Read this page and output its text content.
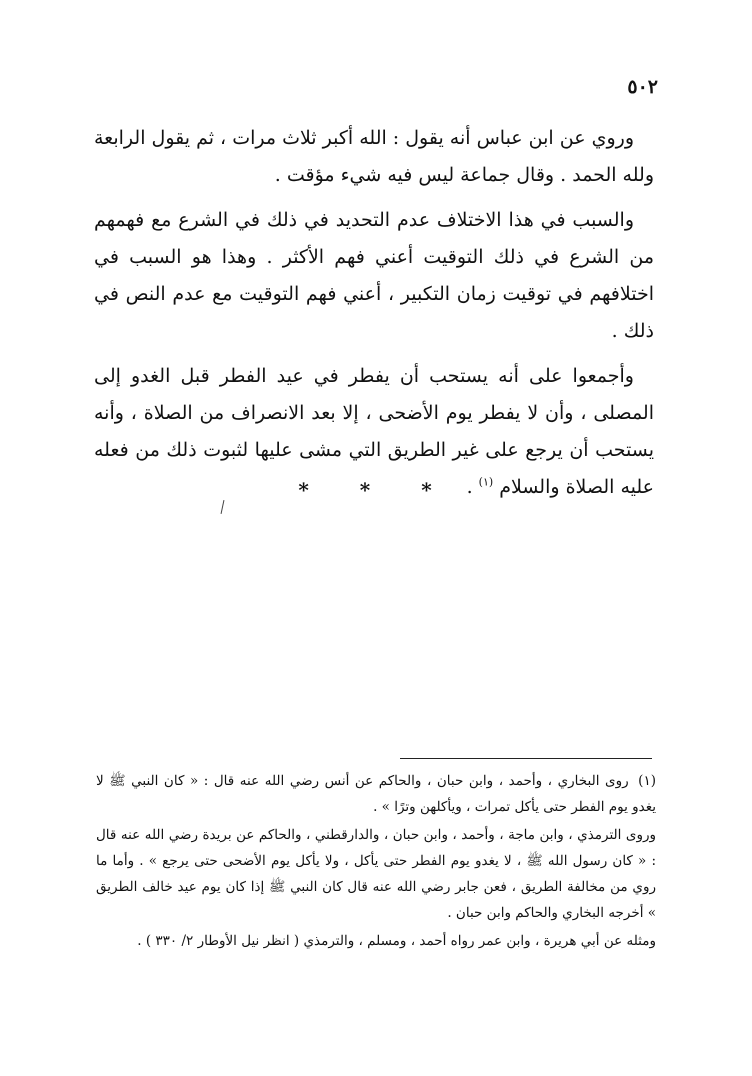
٥٠٢

وروي عن ابن عباس أنه يقول : الله أكبر ثلاث مرات ، ثم يقول الرابعة ولله الحمد . وقال جماعة ليس فيه شيء مؤقت .

والسبب في هذا الاختلاف عدم التحديد في ذلك في الشرع مع فهمهم من الشرع في ذلك التوقيت أعني فهم الأكثر . وهذا هو السبب في اختلافهم في توقيت زمان التكبير ، أعني فهم التوقيت مع عدم النص في ذلك .

وأجمعوا على أنه يستحب أن يفطر في عيد الفطر قبل الغدو إلى المصلى ، وأن لا يفطر يوم الأضحى ، إلا بعد الانصراف من الصلاة ، وأنه يستحب أن يرجع على غير الطريق التي مشى عليها لثبوت ذلك من فعله عليه الصلاة والسلام $^{(١)}$ .

* * *

(١) روى البخاري ، وأحمد ، وابن حبان ، والحاكم عن أنس رضي الله عنه قال : « كان النبي ﷺ لا يغدو يوم الفطر حتى يأكل تمرات ، ويأكلهن وترًا » .

وروى الترمذي ، وابن ماجة ، وأحمد ، وابن حبان ، والدارقطني ، والحاكم عن بريدة رضي الله عنه قال : « كان رسول الله ﷺ ، لا يغدو يوم الفطر حتى يأكل ، ولا يأكل يوم الأضحى حتى يرجع » . وأما ما روي من مخالفة الطريق ، فعن جابر رضي الله عنه قال كان النبي ﷺ إذا كان يوم عيد خالف الطريق » أخرجه البخاري والحاكم وابن حبان .

ومثله عن أبي هريرة ، وابن عمر رواه أحمد ، ومسلم ، والترمذي ( انظر نيل الأوطار ٢/ ٣٣٠ ) .
